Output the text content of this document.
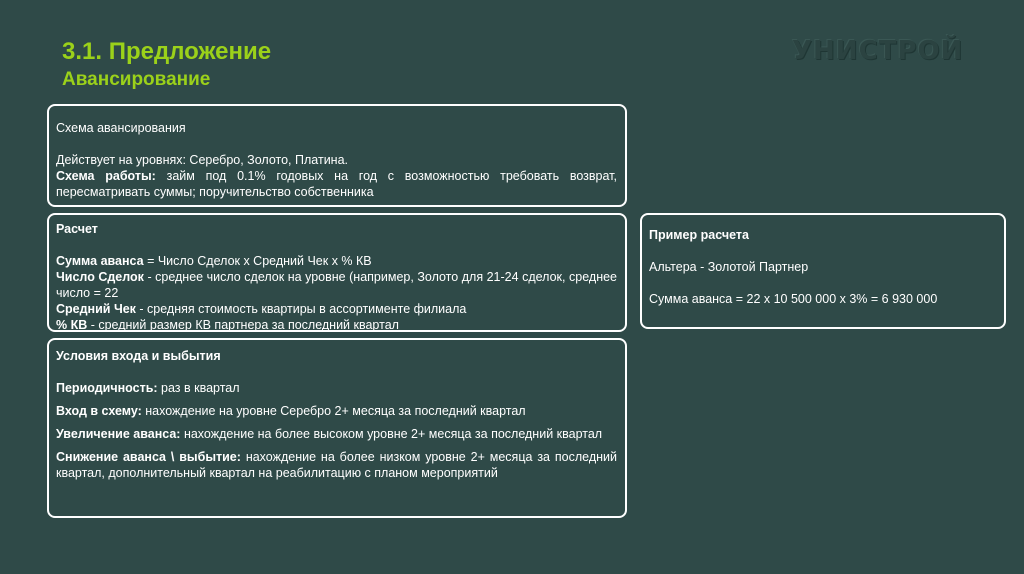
3.1. Предложение
Авансирование
УНИСТРОЙ

Схема авансирования

Действует на уровнях: Серебро, Золото, Платина.

Схема работы: займ под 0.1% годовых на год с возможностью требовать возврат, пересматривать суммы; поручительство собственника

Расчет

Сумма аванса = Число Сделок х Средний Чек х % КВ

Число Сделок - среднее число сделок на уровне (например, Золото для 21-24 сделок, среднее число = 22

Средний Чек - средняя стоимость квартиры в ассортименте филиала

% КВ - средний размер КВ партнера за последний квартал

Условия входа и выбытия

Периодичность: раз в квартал

Вход в схему: нахождение на уровне Серебро 2+ месяца за последний квартал

Увеличение аванса: нахождение на более высоком уровне 2+ месяца за последний квартал

Снижение аванса \ выбытие: нахождение на более низком уровне 2+ месяца за последний квартал, дополнительный квартал на реабилитацию с планом мероприятий

Пример расчета

Альтера - Золотой Партнер

Сумма аванса = 22 х 10 500 000 х 3% = 6 930 000
